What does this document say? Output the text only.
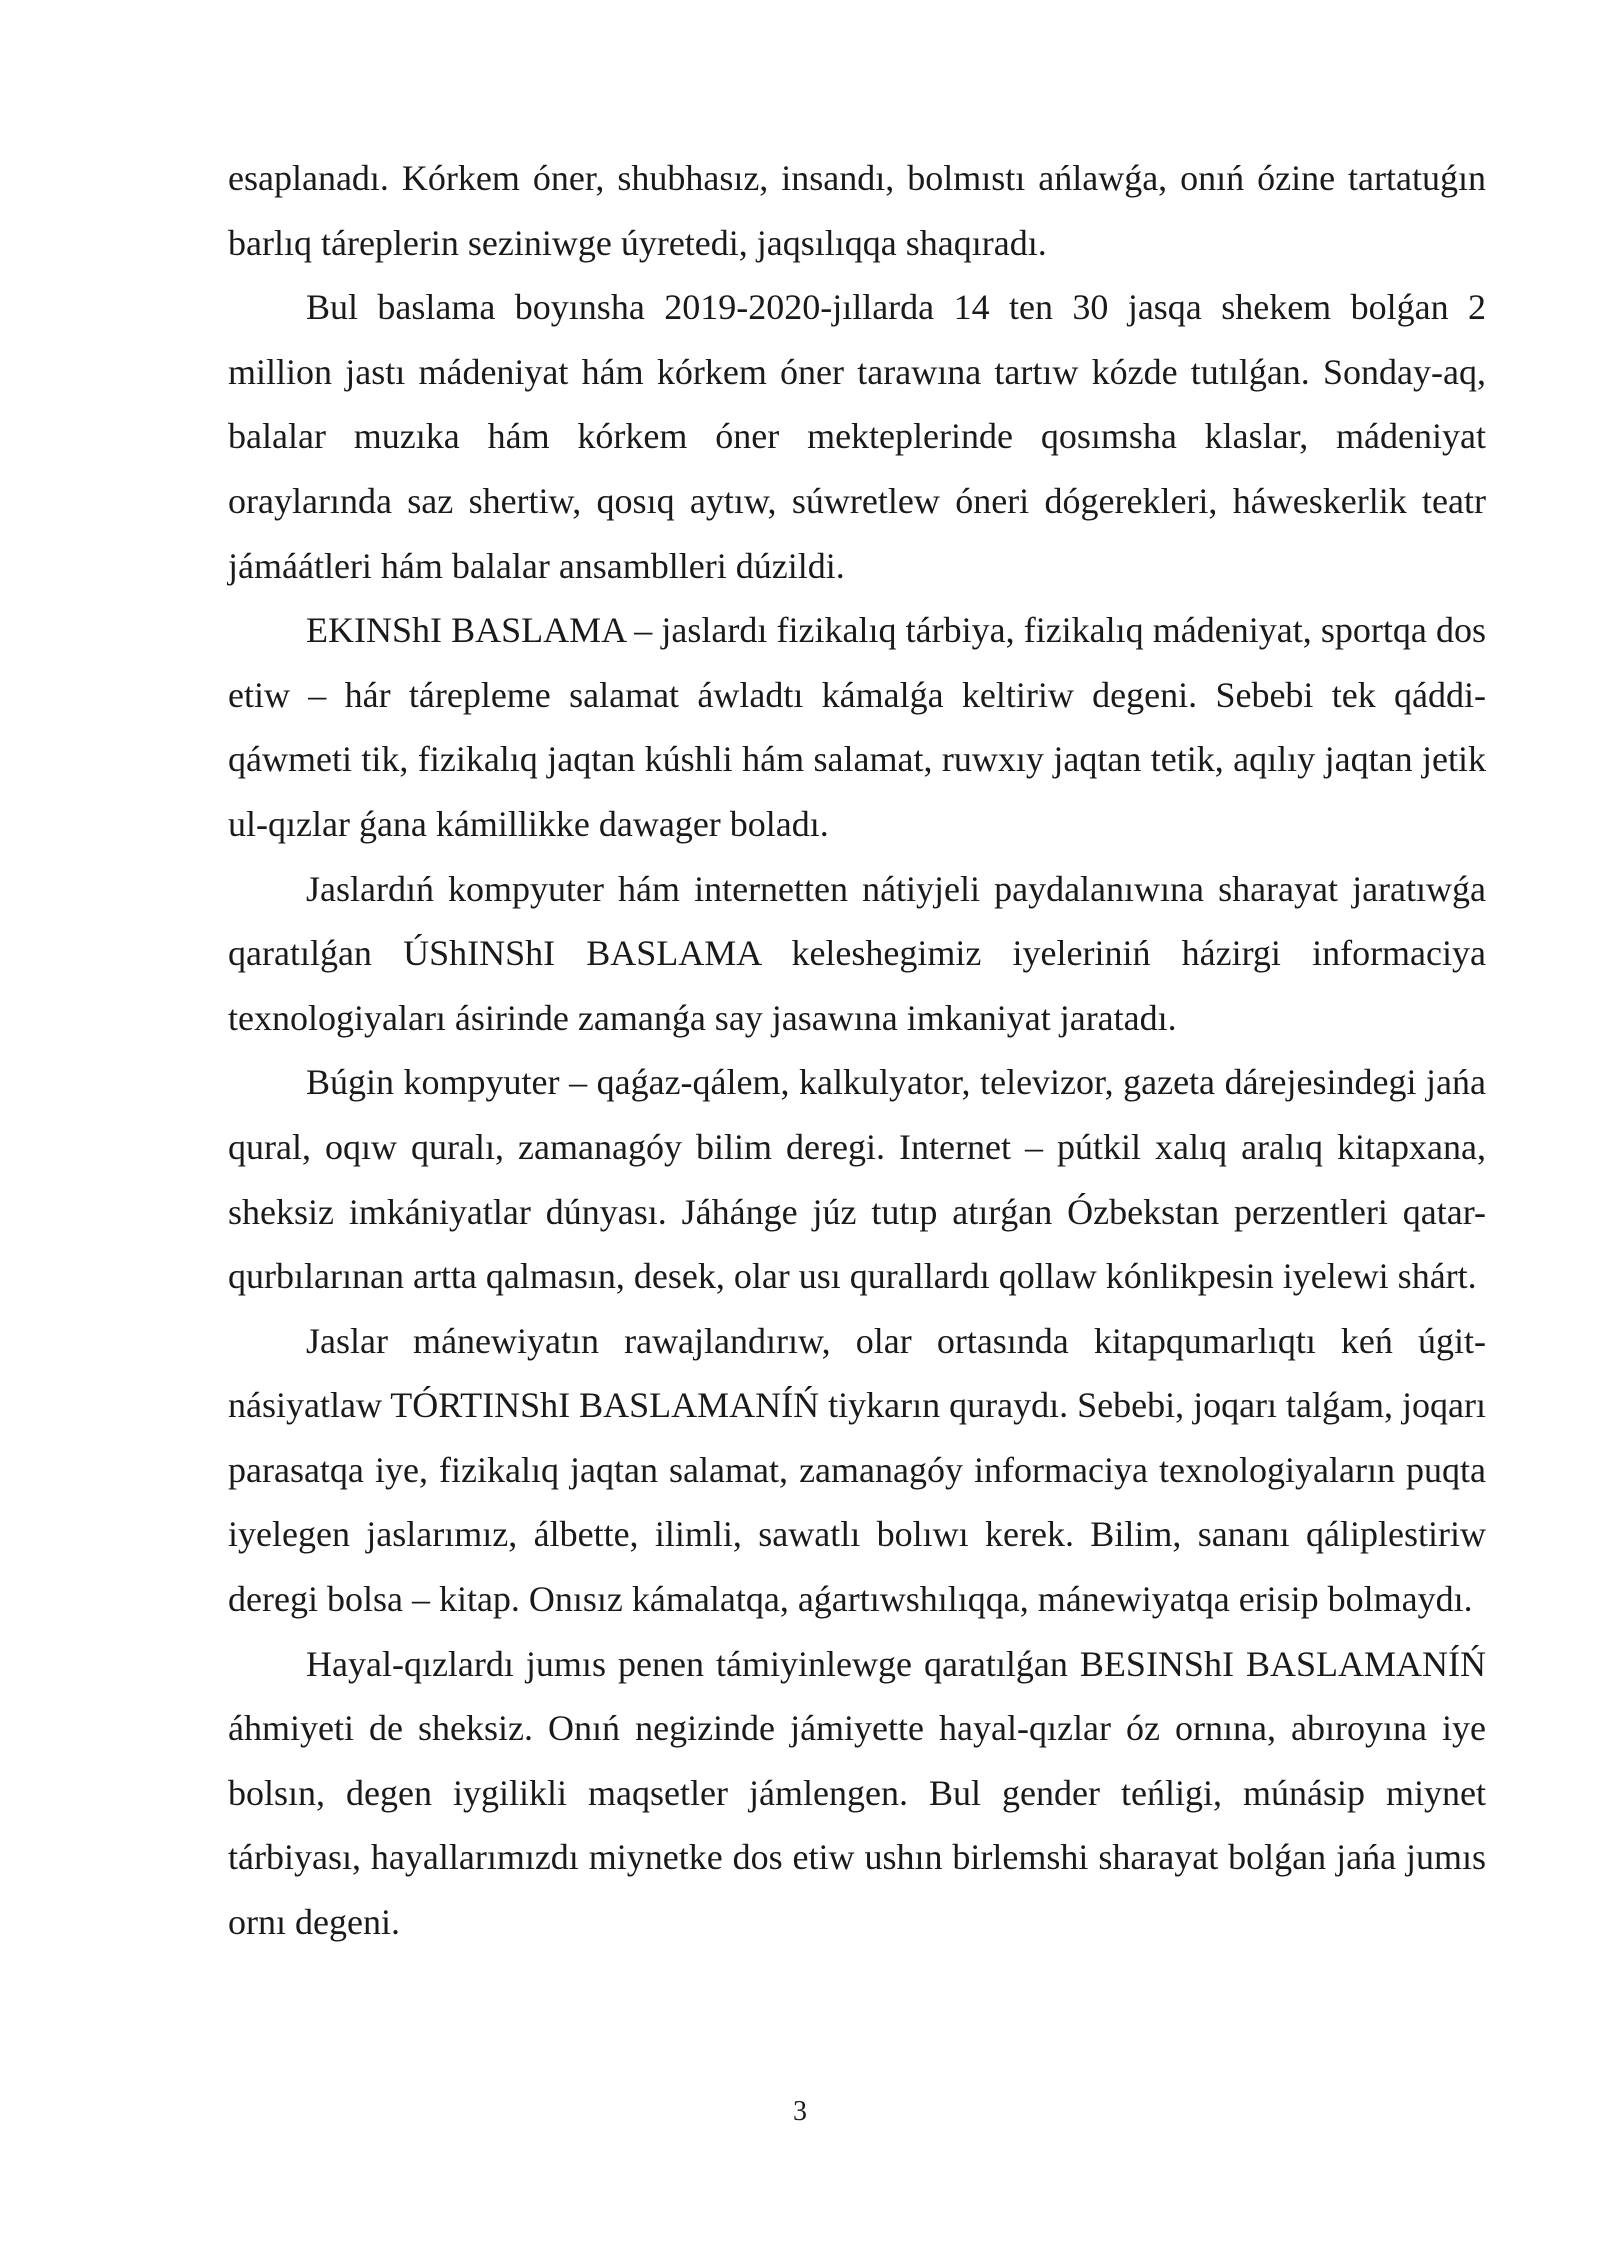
esaplanadı. Kórkem óner, shubhasız, insandı, bolmıstı ańlawǵa, onıń ózine tartatuǵın barlıq táreplerin seziniwge úyretedi, jaqsılıqqa shaqıradı.

Bul baslama boyınsha 2019-2020-jıllarda 14 ten 30 jasqa shekem bolǵan 2 million jastı mádeniyat hám kórkem óner tarawına tartıw kózde tutılǵan. Sonday-aq, balalar muzıka hám kórkem óner mekteplerinde qosımsha klaslar, mádeniyat oraylarında saz shertiw, qosıq aytıw, súwretlew óneri dógerekleri, háweskerlik teatr jámáátleri hám balalar ansamblleri dúzildi.

EKINShI BASLAMA – jaslardı fizikalıq tárbiya, fizikalıq mádeniyat, sportqa dos etiw – hár tárepleme salamat áwladtı kámalǵa keltiriw degeni. Sebebi tek qáddi-qáwmeti tik, fizikalıq jaqtan kúshli hám salamat, ruwxıy jaqtan tetik, aqılıy jaqtan jetik ul-qızlar ǵana kámillikke dawager boladı.

Jaslardıń kompyuter hám internetten nátiyjeli paydalanıwına sharayat jaratıwǵa qaratılǵan ÚShINShI BASLAMA keleshegimiz iyeleriniń házirgi informaciya texnologiyaları ásirinde zamanǵa say jasawına imkaniyat jaratadı.

Búgin kompyuter – qaǵaz-qálem, kalkulyator, televizor, gazeta dárejesindegi jańa qural, oqıw quralı, zamanagóy bilim deregi. Internet – pútkil xalıq aralıq kitapxana, sheksiz imkániyatlar dúnyası. Jáhánge júz tutıp atırǵan Ózbekstan perzentleri qatar-qurbılarınan artta qalmasın, desek, olar usı qurallardı qollaw kónlikpesin iyelewi shárt.

Jaslar mánewiyatın rawajlandırıw, olar ortasında kitapqumarlıqtı keń úgit-násiyatlaw TÓRTINShI BASLAMANÍŃ tiykarın quraydı. Sebebi, joqarı talǵam, joqarı parasatqa iye, fizikalıq jaqtan salamat, zamanagóy informaciya texnologiyaların puqta iyelegen jaslarımız, álbette, ilimli, sawatlı bolıwı kerek. Bilim, sananı qáliplestiriw deregi bolsa – kitap. Onısız kámalatqa, aǵartıwshılıqqa, mánewiyatqa erisip bolmaydı.

Hayal-qızlardı jumıs penen támiyinlewge qaratılǵan BESINShI BASLAMANÍŃ áhmiyeti de sheksiz. Onıń negizinde jámiyette hayal-qızlar óz ornına, abıroyına iye bolsın, degen iygilikli maqsetler jámlengen. Bul gender teńligi, múnásip miynet tárbiyası, hayallarımızdı miynetke dos etiw ushın birlemshi sharayat bolǵan jańa jumıs ornı degeni.

3
